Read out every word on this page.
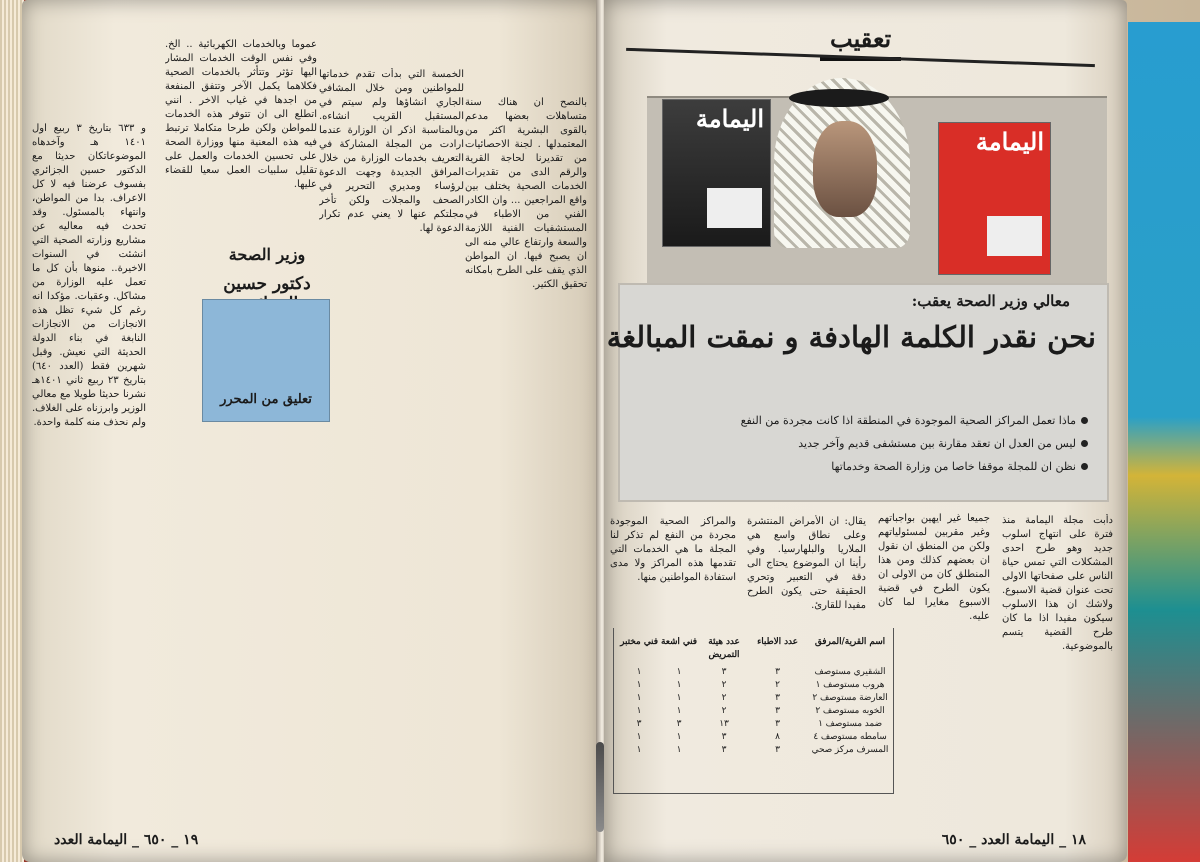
و ٦٣٣ بتاريخ ٣ ربيع اول ١٤٠١ هـ وآخدهاه الموضوعاتكان حديثا مع الدكتور حسين الجزائري بفسوف عرضنا فيه لا كل الاعراف. بدا من المواطن، وانتهاء بالمسئول. وقد تحدث فيه معاليه عن مشاريع وزارته الصحية التي انشئت في السنوات الاخيرة.. منوها بأن كل ما تعمل عليه الوزارة من مشاكل. وعقبات. مؤكدا انه رغم كل شيء تظل هذه الانجازات من الانجازات النابغة في بناء الدولة الحديثة التي نعيش. وقبل شهرين فقط (العدد ٦٤٠) بتاريخ ٢٣ ربيع ثاني ١٤٠١هـ نشرنا حديثا طويلا مع معالي الوزير وابرزناه على الغلاف. ولم نحذف منه كلمة واحدة.
عموما وبالخدمات الكهربائية .. الخ. وفي نفس الوقت الخدمات المشار اليها تؤثر وتتأثر بالخدمات الصحية فكلاهما يكمل الآخر وتتفق المنفعة من اجدها في غياب الاخر . انني اتطلع الى ان تتوفر هذه الخدمات للمواطن ولكن طرحا متكاملا ترتبط فيه هذه المعنية منها ووزارة الصحة على تحسين الخدمات والعمل على تقليل سلبيات العمل سعيا للقضاء عليها.
الخمسة التي بدأت تقدم خدماتها للمواطنين ومن خلال المشافي الجاري انشاؤها ولم سيتم في المستقبل القريب انشاءه. وبالمناسبة اذكر ان الوزارة عندما ارادت من المجلة المشاركة في التعريف بخدمات الوزارة من خلال المرافق الجديدة وجهت الدعوة لرؤساء ومديري التحرير في الصحف والمجلات ولكن تأخر مجلتكم عنها لا يعني عدم تكرار الدعوة لها.
بالنصح ان هناك سنة متساهلات بعضها مدعم بالقوى البشرية اكثر من المعتمدلها . لجنة الاحصائيات من تقديرنا لحاجة القرية والرقم الدى من تقديرات الخدمات الصحية يختلف بين واقع المراجعين ... وان الكادر الفني من الاطباء في المستشفيات الفنية اللازمة والسعة وارتفاع عالي منه الى ان يصبح فيها. ان المواطن الذي يقف على الطرح بامكانه تحقيق الكثير.
وزير الصحة
دكتور حسين
تعليق من المحرر
١٩ _ ٦٥٠ _ اليمامة العدد
تعقيب
اليمامة
اليمامة
معالي وزير الصحة يعقب:
نحن نقدر الكلمة الهادفة و نمقت المبالغة
ماذا تعمل المراكز الصحية الموجودة في المنطقة اذا كانت مجردة من النفع
ليس من العدل ان تعقد مقارنة بين مستشفى قديم وآخر جديد
نظن ان للمجلة موقفا خاصا من وزارة الصحة وخدماتها
دأبت مجلة اليمامة منذ فترة على انتهاج اسلوب جديد وهو طرح احدى المشكلات التي تمس حياة الناس على صفحاتها الاولى تحت عنوان قضية الاسبوع. ولاشك ان هذا الاسلوب سيكون مفيدا اذا ما كان طرح القضية يتسم بالموضوعية.
جميعا غير ايهين بواجباتهم وغير مقربين لمسئولياتهم ولكن من المنطق ان نقول ان بعضهم كذلك ومن هذا المنطلق كان من الاولى ان يكون الطرح في قضية الاسبوع مغايرا لما كان عليه.
يقال: ان الأمراض المنتشرة وعلى نطاق واسع هي الملاريا والبلهارسيا. وفي رأينا ان الموضوع يحتاج الى دقة في التعبير وتحري الحقيقة حتى يكون الطرح مفيدا للقارئ.
والمراكز الصحية الموجودة مجردة من النفع لم تذكر لنا المجلة ما هي الخدمات التي تقدمها هذه المراكز ولا مدى استفادة المواطنين منها.
اسم القرية/المرفق
عدد الاطباء
عدد هيئة التمريض
فني اشعة
فني مختبر
الشقيري مستوصف
٣
٣
١
١
هروب مستوصف ١
٢
٢
١
١
العارضة مستوصف ٢
٣
٢
١
١
الخوبه مستوصف ٢
٣
٢
١
١
ضمد مستوصف ١
٣
١٣
٣
٣
سامطه مستوصف ٤
٨
٣
١
١
المسرف مركز صحي
٣
٣
١
١
١٨ _ اليمامة العدد _ ٦٥٠
